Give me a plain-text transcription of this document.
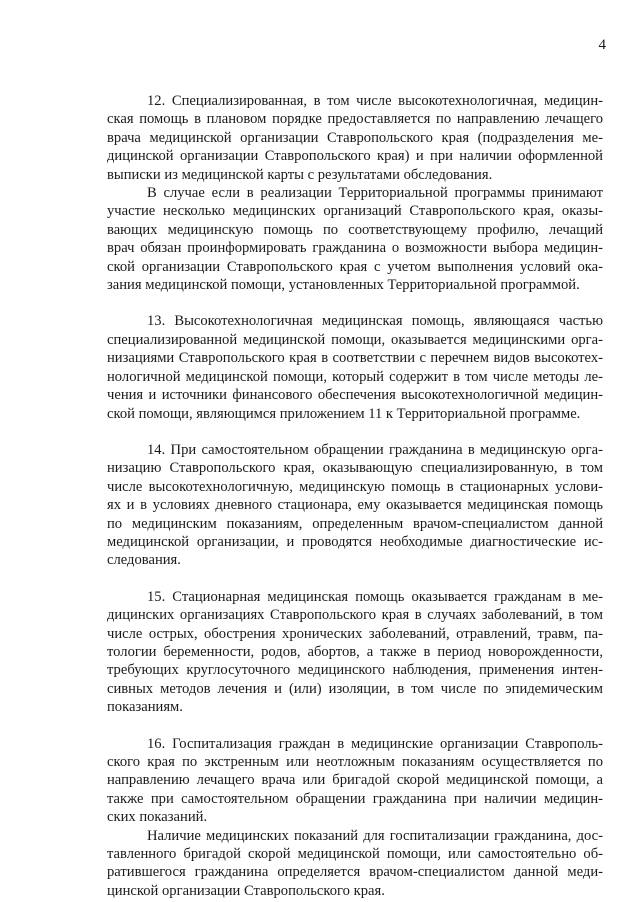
4
12. Специализированная, в том числе высокотехнологичная, медицин-
ская помощь в плановом порядке предоставляется по направлению лечащего
врача медицинской организации Ставропольского края (подразделения ме-
дицинской организации Ставропольского края) и при наличии оформленной
выписки из медицинской карты с результатами обследования.
В случае если в реализации Территориальной программы принимают
участие несколько медицинских организаций Ставропольского края, оказы-
вающих медицинскую помощь по соответствующему профилю, лечащий
врач обязан проинформировать гражданина о возможности выбора медицин-
ской организации Ставропольского края с учетом выполнения условий ока-
зания медицинской помощи, установленных Территориальной программой.
13. Высокотехнологичная медицинская помощь, являющаяся частью
специализированной медицинской помощи, оказывается медицинскими орга-
низациями Ставропольского края в соответствии с перечнем видов высокотех-
нологичной медицинской помощи, который содержит в том числе методы ле-
чения и источники финансового обеспечения высокотехнологичной медицин-
ской помощи, являющимся приложением 11 к Территориальной программе.
14. При самостоятельном обращении гражданина в медицинскую орга-
низацию Ставропольского края, оказывающую специализированную, в том
числе высокотехнологичную, медицинскую помощь в стационарных услови-
ях и в условиях дневного стационара, ему оказывается медицинская помощь
по медицинским показаниям, определенным врачом-специалистом данной
медицинской организации, и проводятся необходимые диагностические ис-
следования.
15. Стационарная медицинская помощь оказывается гражданам в ме-
дицинских организациях Ставропольского края в случаях заболеваний, в том
числе острых, обострения хронических заболеваний, отравлений, травм, па-
тологии беременности, родов, абортов, а также в период новорожденности,
требующих круглосуточного медицинского наблюдения, применения интен-
сивных методов лечения и (или) изоляции, в том числе по эпидемическим
показаниям.
16. Госпитализация граждан в медицинские организации Ставрополь-
ского края по экстренным или неотложным показаниям осуществляется по
направлению лечащего врача или бригадой скорой медицинской помощи, а
также при самостоятельном обращении гражданина при наличии медицин-
ских показаний.
Наличие медицинских показаний для госпитализации гражданина, дос-
тавленного бригадой скорой медицинской помощи, или самостоятельно об-
ратившегося гражданина определяется врачом-специалистом данной меди-
цинской организации Ставропольского края.
